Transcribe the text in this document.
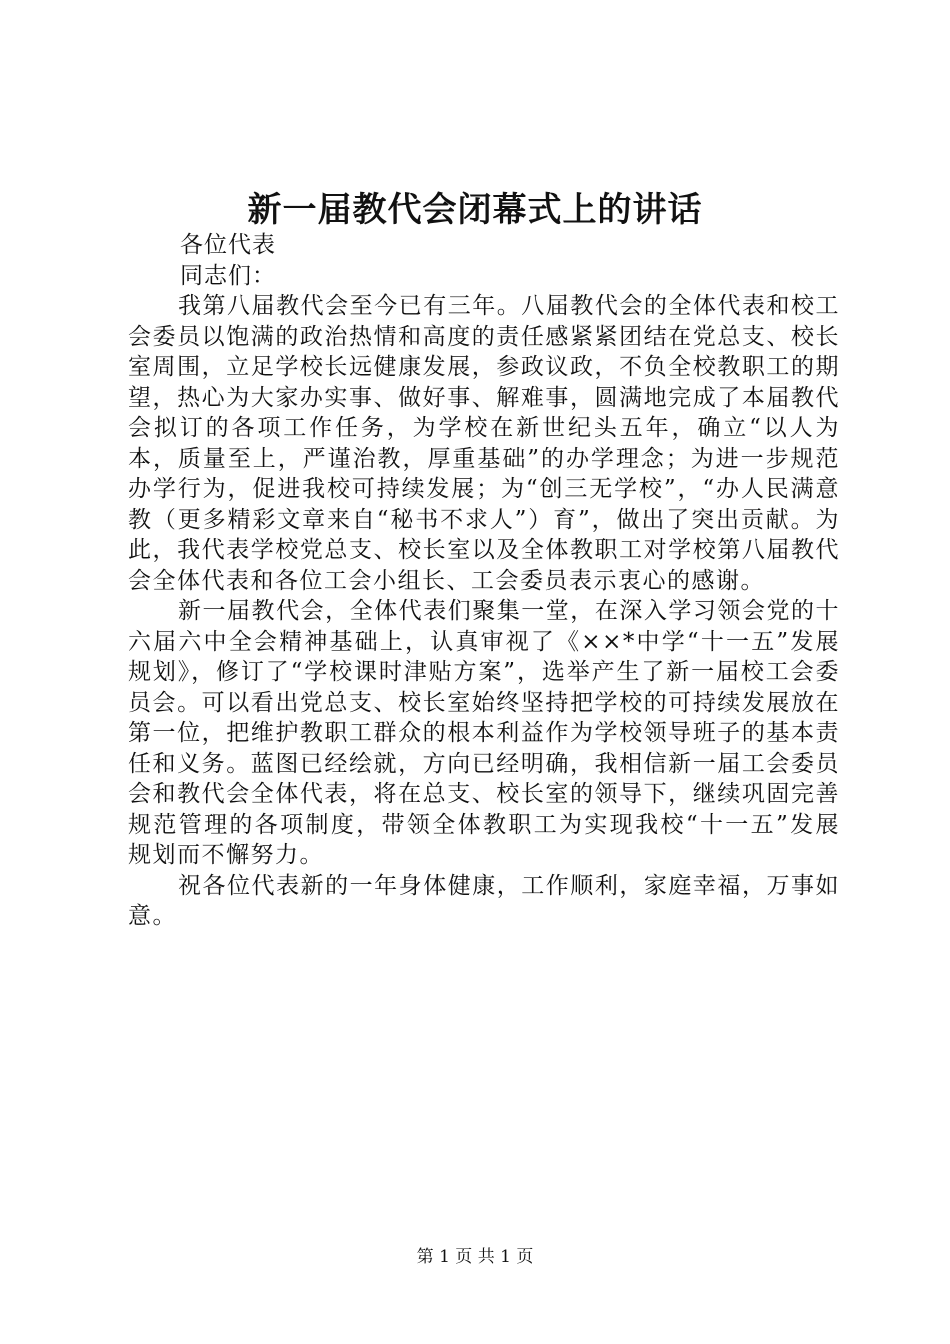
新一届教代会闭幕式上的讲话

各位代表

同志们：

我第八届教代会至今已有三年。八届教代会的全体代表和校工会委员以饱满的政治热情和高度的责任感紧紧团结在党总支、校长室周围，立足学校长远健康发展，参政议政，不负全校教职工的期望，热心为大家办实事、做好事、解难事，圆满地完成了本届教代会拟订的各项工作任务，为学校在新世纪头五年，确立“以人为本，质量至上，严谨治教，厚重基础”的办学理念；为进一步规范办学行为，促进我校可持续发展；为“创三无学校”，“办人民满意教（更多精彩文章来自“秘书不求人”）育”，做出了突出贡献。为此，我代表学校党总支、校长室以及全体教职工对学校第八届教代会全体代表和各位工会小组长、工会委员表示衷心的感谢。

新一届教代会，全体代表们聚集一堂，在深入学习领会党的十六届六中全会精神基础上，认真审视了《××*中学“十一五”发展规划》，修订了“学校课时津贴方案”，选举产生了新一届校工会委员会。可以看出党总支、校长室始终坚持把学校的可持续发展放在第一位，把维护教职工群众的根本利益作为学校领导班子的基本责任和义务。蓝图已经绘就，方向已经明确，我相信新一届工会委员会和教代会全体代表，将在总支、校长室的领导下，继续巩固完善规范管理的各项制度，带领全体教职工为实现我校“十一五”发展规划而不懈努力。

祝各位代表新的一年身体健康，工作顺利，家庭幸福，万事如意。

第 1 页 共 1 页
